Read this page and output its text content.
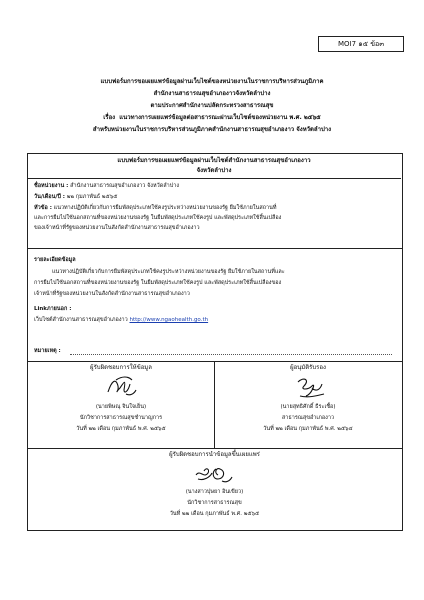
MOI7 ๑๕ ข้อ๓
แบบฟอร์มการขอเผยแพร่ข้อมูลผ่านเว็บไซต์ของหน่วยงานในราชการบริหารส่วนภูมิภาค
สำนักงานสาธารณสุขอำเภองาวจังหวัดลำปาง
ตามประกาศสำนักงานปลัดกระทรวงสาธารณสุข
เรื่อง แนวทางการเผยแพร่ข้อมูลต่อสาธารณะผ่านเว็บไซต์ของหน่วยงาน พ.ศ. ๒๕๖๕
สำหรับหน่วยงานในราชการบริหารส่วนภูมิภาคสำนักงานสาธารณสุขอำเภองาว จังหวัดลำปาง
แบบฟอร์มการขอเผยแพร่ข้อมูลผ่านเว็บไซต์สำนักงานสาธารณสุขอำเภองาว
จังหวัดลำปาง
ชื่อหน่วยงาน : สำนักงานสาธารณสุขอำเภองาว จังหวัดลำปาง
วัน/เดือน/ปี : ๒๒ กุมภาพันธ์ ๒๕๖๕
หัวข้อ : แนวทางปฏิบัติเกี่ยวกับการยืมพัสดุประเภทใช้คงรูประหว่างหน่วยงานของรัฐ ยืมใช้ภายในสถานที่
และการยืมไปใช้นอกสถานที่ของหน่วยงานของรัฐ ในยืมพัสดุประเภทใช้คงรูป และพัสดุประเภทใช้สิ้นเปลือง
ของเจ้าหน้าที่รัฐของหน่วยงานในสังกัดสำนักงานสาธารณสุขอำเภองาว
รายละเอียดข้อมูล
แนวทางปฏิบัติเกี่ยวกับการยืมพัสดุประเภทใช้คงรูประหว่างหน่วยงานของรัฐ ยืมใช้ภายในสถานที่และ
การยืมไปใช้นอกสถานที่ของหน่วยงานของรัฐ ในยืมพัสดุประเภทใช้คงรูป และพัสดุประเภทใช้สิ้นเปลืองของ
เจ้าหน้าที่รัฐของหน่วยงานในสังกัดสำนักงานสาธารณสุขอำเภองาว
Linkภายนอก :
เว็บไซต์สำนักงานสาธารณสุขอำเภองาว http://www.ngaohealth.go.th
หมายเหตุ :
ผู้รับผิดชอบการให้ข้อมูล
(นายพิษณุ จินใจเย็น)
นักวิชาการสาธารณสุขชำนาญการ
วันที่ ๒๒ เดือน กุมภาพันธ์ พ.ศ. ๒๕๖๕
ผู้อนุมัติรับรอง
(นายสุทธิศักดิ์ ธีระเชื้อ)
สาธารณสุขอำเภองาว
วันที่ ๒๒ เดือน กุมภาพันธ์ พ.ศ. ๒๕๖๔
ผู้รับผิดชอบการนำข้อมูลขึ้นเผยแพร่
(นางสาวปุษยา อินเขียว)
นักวิชาการสาธารณสุข
วันที่ ๒๒ เดือน กุมภาพันธ์ พ.ศ. ๒๕๖๕
